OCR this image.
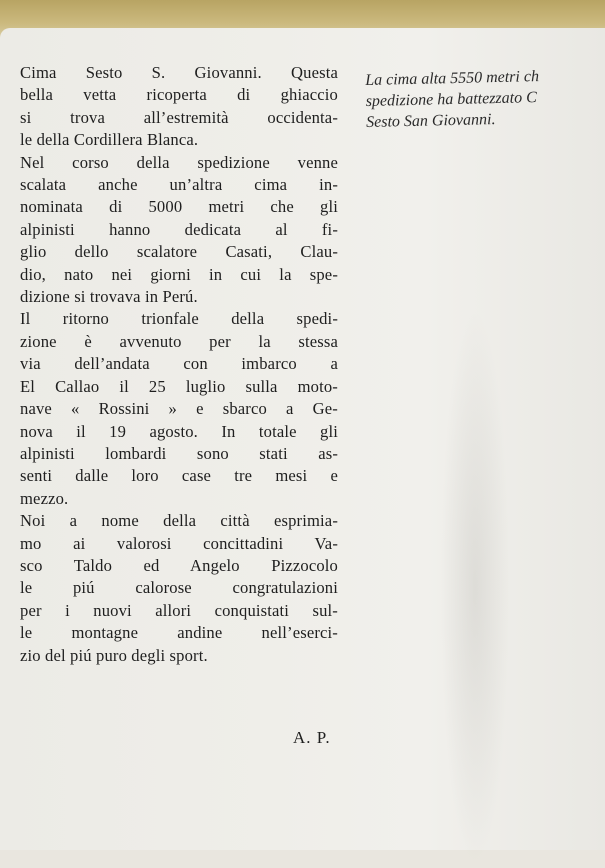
Cima Sesto S. Giovanni. Questa
bella vetta ricoperta di ghiaccio
si trova all’estremità occidenta-
le della Cordillera Blanca.
Nel corso della spedizione venne
scalata anche un’altra cima in-
nominata di 5000 metri che gli
alpinisti hanno dedicata al fi-
glio dello scalatore Casati, Clau-
dio, nato nei giorni in cui la spe-
dizione si trovava in Perú.
Il ritorno trionfale della spedi-
zione è avvenuto per la stessa
via dell’andata con imbarco a
El Callao il 25 luglio sulla moto-
nave « Rossini » e sbarco a Ge-
nova il 19 agosto. In totale gli
alpinisti lombardi sono stati as-
senti dalle loro case tre mesi e
mezzo.
Noi a nome della città esprimia-
mo ai valorosi concittadini Va-
sco Taldo ed Angelo Pizzocolo
le piú calorose congratulazioni
per i nuovi allori conquistati sul-
le montagne andine nell’eserci-
zio del piú puro degli sport.
A. P.
La cima alta 5550 metri ch
spedizione ha battezzato C
Sesto San Giovanni.
